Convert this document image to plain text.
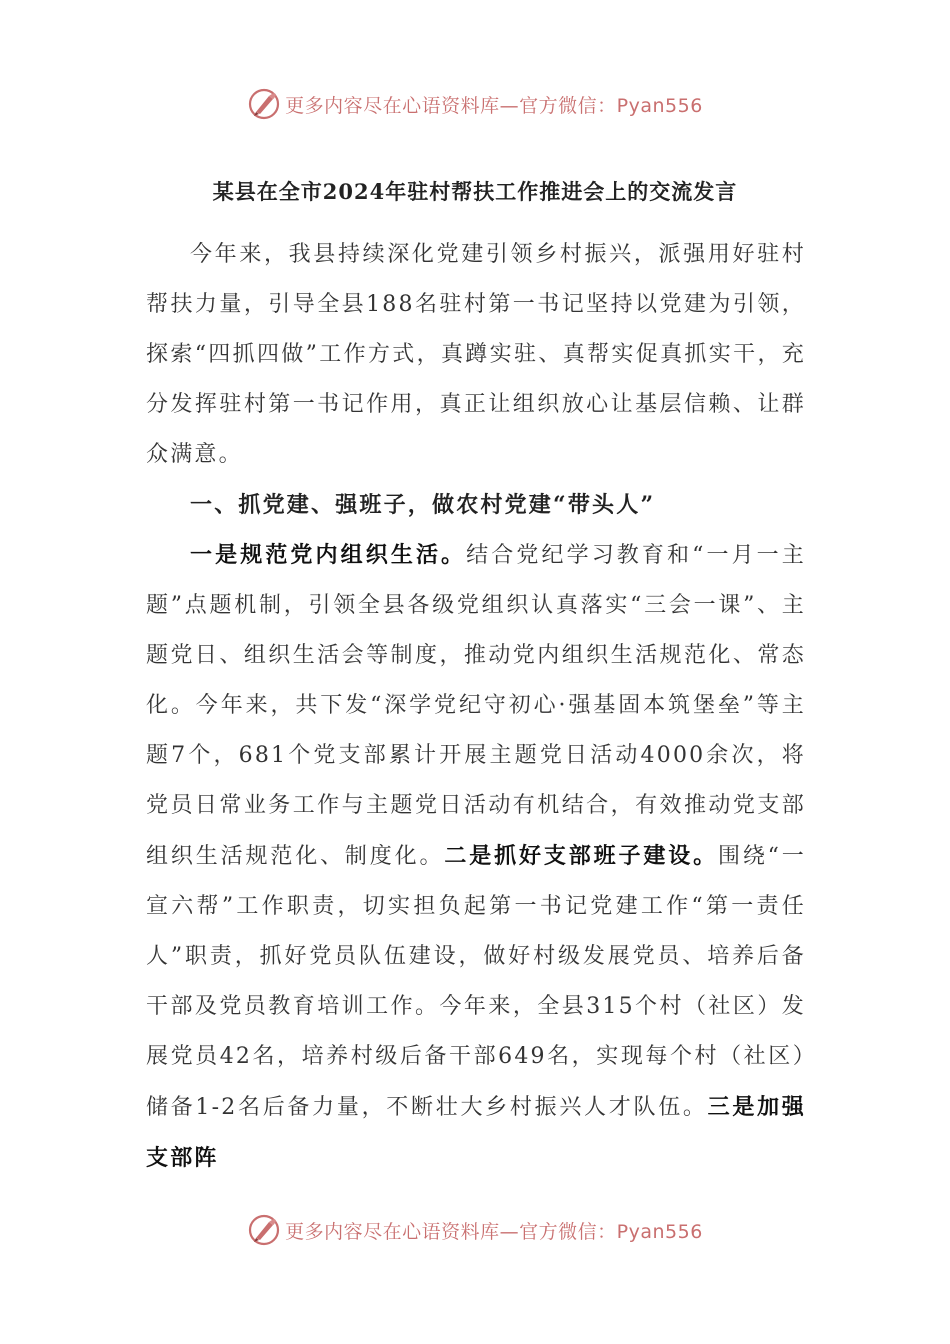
更多内容尽在心语资料库—官方微信：Pyan556
某县在全市2024年驻村帮扶工作推进会上的交流发言

今年来，我县持续深化党建引领乡村振兴，派强用好驻村帮扶力量，引导全县188名驻村第一书记坚持以党建为引领，探索“四抓四做”工作方式，真蹲实驻、真帮实促真抓实干，充分发挥驻村第一书记作用，真正让组织放心让基层信赖、让群众满意。

一、抓党建、强班子，做农村党建“带头人”

一是规范党内组织生活。结合党纪学习教育和“一月一主题”点题机制，引领全县各级党组织认真落实“三会一课”、主题党日、组织生活会等制度，推动党内组织生活规范化、常态化。今年来，共下发“深学党纪守初心·强基固本筑堡垒”等主题7个，681个党支部累计开展主题党日活动4000余次，将党员日常业务工作与主题党日活动有机结合，有效推动党支部组织生活规范化、制度化。二是抓好支部班子建设。围绕“一宣六帮”工作职责，切实担负起第一书记党建工作“第一责任人”职责，抓好党员队伍建设，做好村级发展党员、培养后备干部及党员教育培训工作。今年来，全县315个村（社区）发展党员42名，培养村级后备干部649名，实现每个村（社区）储备1-2名后备力量，不断壮大乡村振兴人才队伍。三是加强支部阵

更多内容尽在心语资料库—官方微信：Pyan556
